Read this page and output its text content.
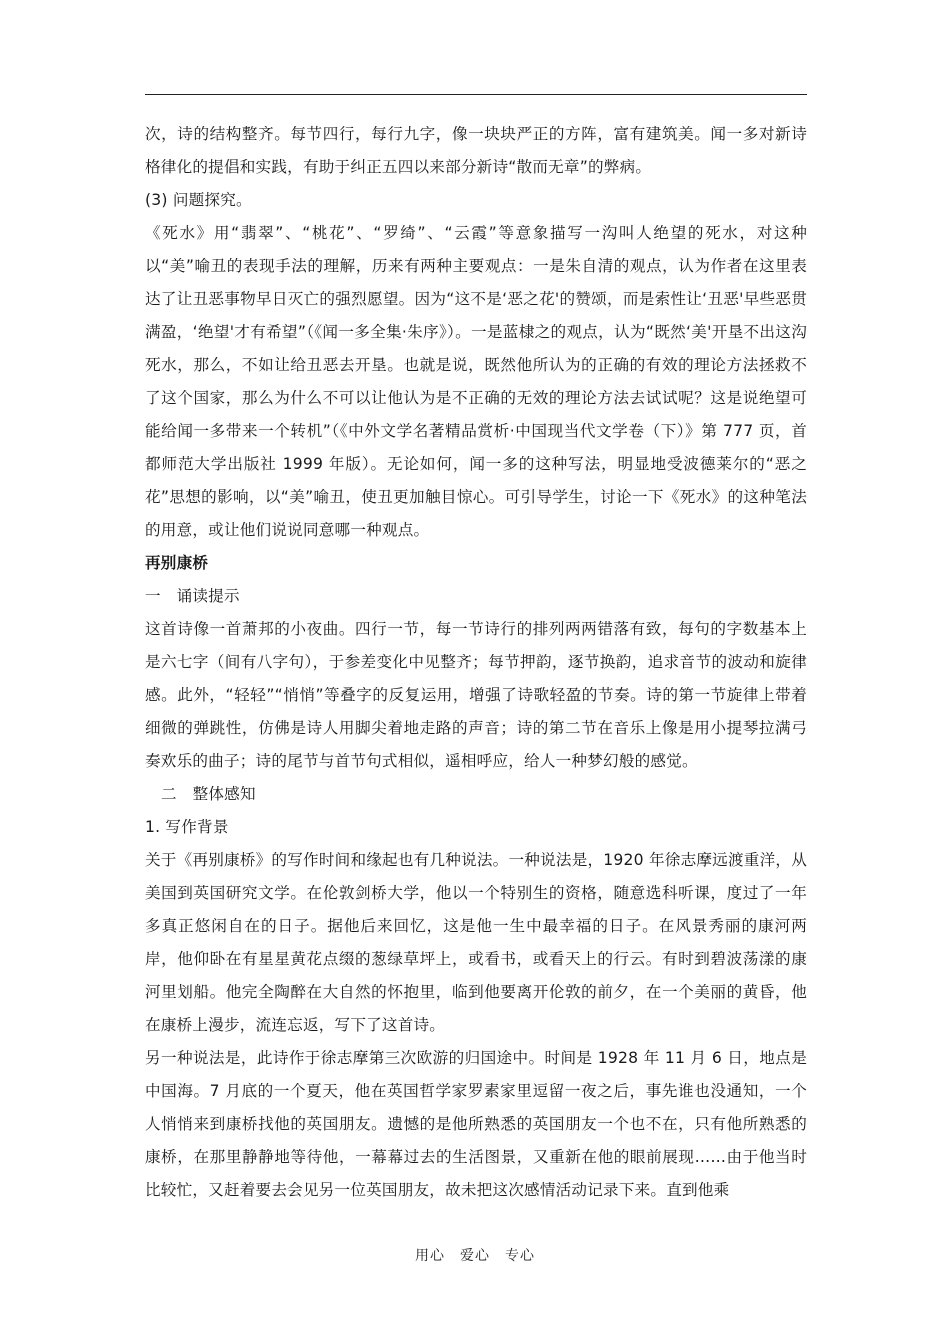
次，诗的结构整齐。每节四行，每行九字，像一块块严正的方阵，富有建筑美。闻一多对新诗格律化的提倡和实践，有助于纠正五四以来部分新诗“散而无章”的弊病。

(3) 问题探究。

《死水》用“翡翠”、“桃花”、“罗绮”、“云霞”等意象描写一沟叫人绝望的死水，对这种以“美”喻丑的表现手法的理解，历来有两种主要观点：一是朱自清的观点，认为作者在这里表达了让丑恶事物早日灭亡的强烈愿望。因为“这不是‘恶之花'的赞颂，而是索性让‘丑恶'早些恶贯满盈，‘绝望'才有希望”（《闻一多全集·朱序》）。一是蓝棣之的观点，认为“既然‘美'开垦不出这沟死水，那么，不如让给丑恶去开垦。也就是说，既然他所认为的正确的有效的理论方法拯救不了这个国家，那么为什么不可以让他认为是不正确的无效的理论方法去试试呢？这是说绝望可能给闻一多带来一个转机”（《中外文学名著精品赏析·中国现当代文学卷（下）》第 777 页，首都师范大学出版社 1999 年版）。无论如何，闻一多的这种写法，明显地受波德莱尔的“恶之花”思想的影响，以“美”喻丑，使丑更加触目惊心。可引导学生，讨论一下《死水》的这种笔法的用意，或让他们说说同意哪一种观点。

再别康桥

一　诵读提示

这首诗像一首萧邦的小夜曲。四行一节，每一节诗行的排列两两错落有致，每句的字数基本上是六七字（间有八字句），于参差变化中见整齐；每节押韵，逐节换韵，追求音节的波动和旋律感。此外，“轻轻”“悄悄”等叠字的反复运用，增强了诗歌轻盈的节奏。诗的第一节旋律上带着细微的弹跳性，仿佛是诗人用脚尖着地走路的声音；诗的第二节在音乐上像是用小提琴拉满弓奏欢乐的曲子；诗的尾节与首节句式相似，遥相呼应，给人一种梦幻般的感觉。

二　整体感知

1. 写作背景

关于《再别康桥》的写作时间和缘起也有几种说法。一种说法是，1920 年徐志摩远渡重洋，从美国到英国研究文学。在伦敦剑桥大学，他以一个特别生的资格，随意选科听课，度过了一年多真正悠闲自在的日子。据他后来回忆，这是他一生中最幸福的日子。在风景秀丽的康河两岸，他仰卧在有星星黄花点缀的葱绿草坪上，或看书，或看天上的行云。有时到碧波荡漾的康河里划船。他完全陶醉在大自然的怀抱里，临到他要离开伦敦的前夕，在一个美丽的黄昏，他在康桥上漫步，流连忘返，写下了这首诗。

另一种说法是，此诗作于徐志摩第三次欧游的归国途中。时间是 1928 年 11 月 6 日，地点是中国海。7 月底的一个夏天，他在英国哲学家罗素家里逗留一夜之后，事先谁也没通知，一个人悄悄来到康桥找他的英国朋友。遗憾的是他所熟悉的英国朋友一个也不在，只有他所熟悉的康桥，在那里静静地等待他，一幕幕过去的生活图景，又重新在他的眼前展现……由于他当时比较忙，又赶着要去会见另一位英国朋友，故未把这次感情活动记录下来。直到他乘

用心　爱心　专心
